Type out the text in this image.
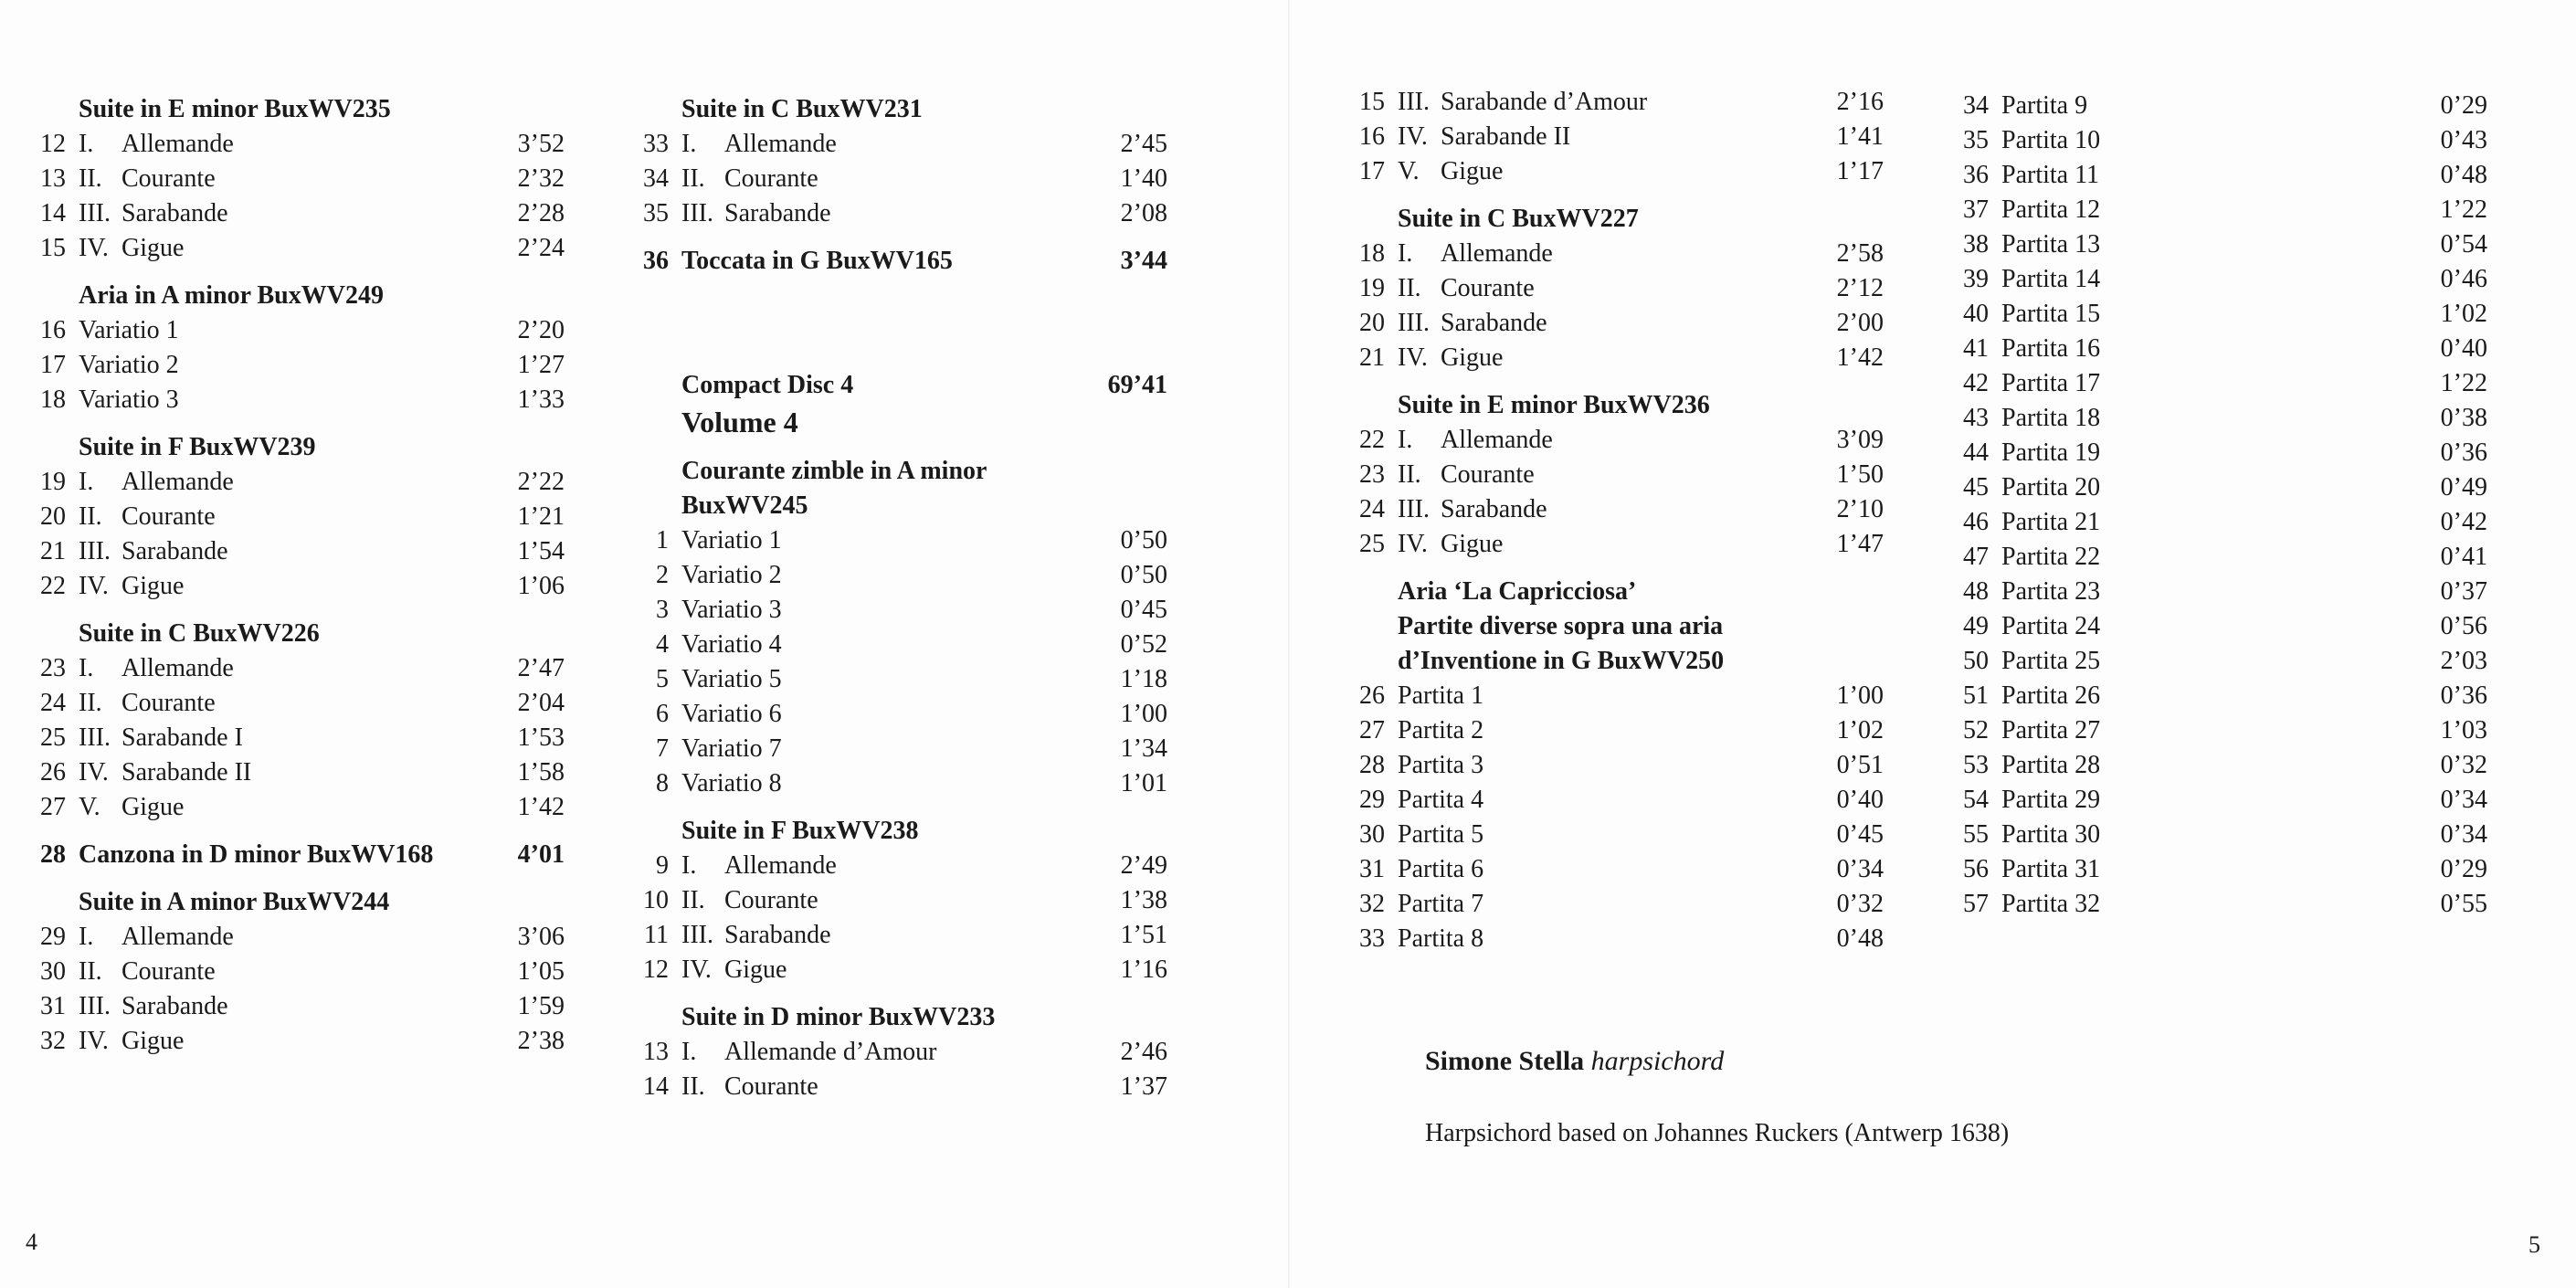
Suite in E minor BuxWV235
12 I. Allemande	3’52
13 II. Courante	2’32
14 III. Sarabande	2’28
15 IV. Gigue	2’24
Aria in A minor BuxWV249
16 Variatio 1	2’20
17 Variatio 2	1’27
18 Variatio 3	1’33
Suite in F BuxWV239
19 I. Allemande	2’22
20 II. Courante	1’21
21 III. Sarabande	1’54
22 IV. Gigue	1’06
Suite in C BuxWV226
23 I. Allemande	2’47
24 II. Courante	2’04
25 III. Sarabande I	1’53
26 IV. Sarabande II	1’58
27 V. Gigue	1’42
28 Canzona in D minor BuxWV168	4’01
Suite in A minor BuxWV244
29 I. Allemande	3’06
30 II. Courante	1’05
31 III. Sarabande	1’59
32 IV. Gigue	2’38
Suite in C BuxWV231
33 I. Allemande	2’45
34 II. Courante	1’40
35 III. Sarabande	2’08
36 Toccata in G BuxWV165	3’44
Compact Disc 4	69’41
Volume 4
Courante zimble in A minor
BuxWV245
1 Variatio 1	0’50
2 Variatio 2	0’50
3 Variatio 3	0’45
4 Variatio 4	0’52
5 Variatio 5	1’18
6 Variatio 6	1’00
7 Variatio 7	1’34
8 Variatio 8	1’01
Suite in F BuxWV238
9 I. Allemande	2’49
10 II. Courante	1’38
11 III. Sarabande	1’51
12 IV. Gigue	1’16
Suite in D minor BuxWV233
13 I. Allemande d’Amour	2’46
14 II. Courante	1’37
15 III. Sarabande d’Amour	2’16
16 IV. Sarabande II	1’41
17 V. Gigue	1’17
Suite in C BuxWV227
18 I. Allemande	2’58
19 II. Courante	2’12
20 III. Sarabande	2’00
21 IV. Gigue	1’42
Suite in E minor BuxWV236
22 I. Allemande	3’09
23 II. Courante	1’50
24 III. Sarabande	2’10
25 IV. Gigue	1’47
Aria ‘La Capricciosa’
Partite diverse sopra una aria
d’Inventione in G BuxWV250
26 Partita 1	1’00
27 Partita 2	1’02
28 Partita 3	0’51
29 Partita 4	0’40
30 Partita 5	0’45
31 Partita 6	0’34
32 Partita 7	0’32
33 Partita 8	0’48
34 Partita 9	0’29
35 Partita 10	0’43
36 Partita 11	0’48
37 Partita 12	1’22
38 Partita 13	0’54
39 Partita 14	0’46
40 Partita 15	1’02
41 Partita 16	0’40
42 Partita 17	1’22
43 Partita 18	0’38
44 Partita 19	0’36
45 Partita 20	0’49
46 Partita 21	0’42
47 Partita 22	0’41
48 Partita 23	0’37
49 Partita 24	0’56
50 Partita 25	2’03
51 Partita 26	0’36
52 Partita 27	1’03
53 Partita 28	0’32
54 Partita 29	0’34
55 Partita 30	0’34
56 Partita 31	0’29
57 Partita 32	0’55
Simone Stella harpsichord
Harpsichord based on Johannes Ruckers (Antwerp 1638)
4	5
